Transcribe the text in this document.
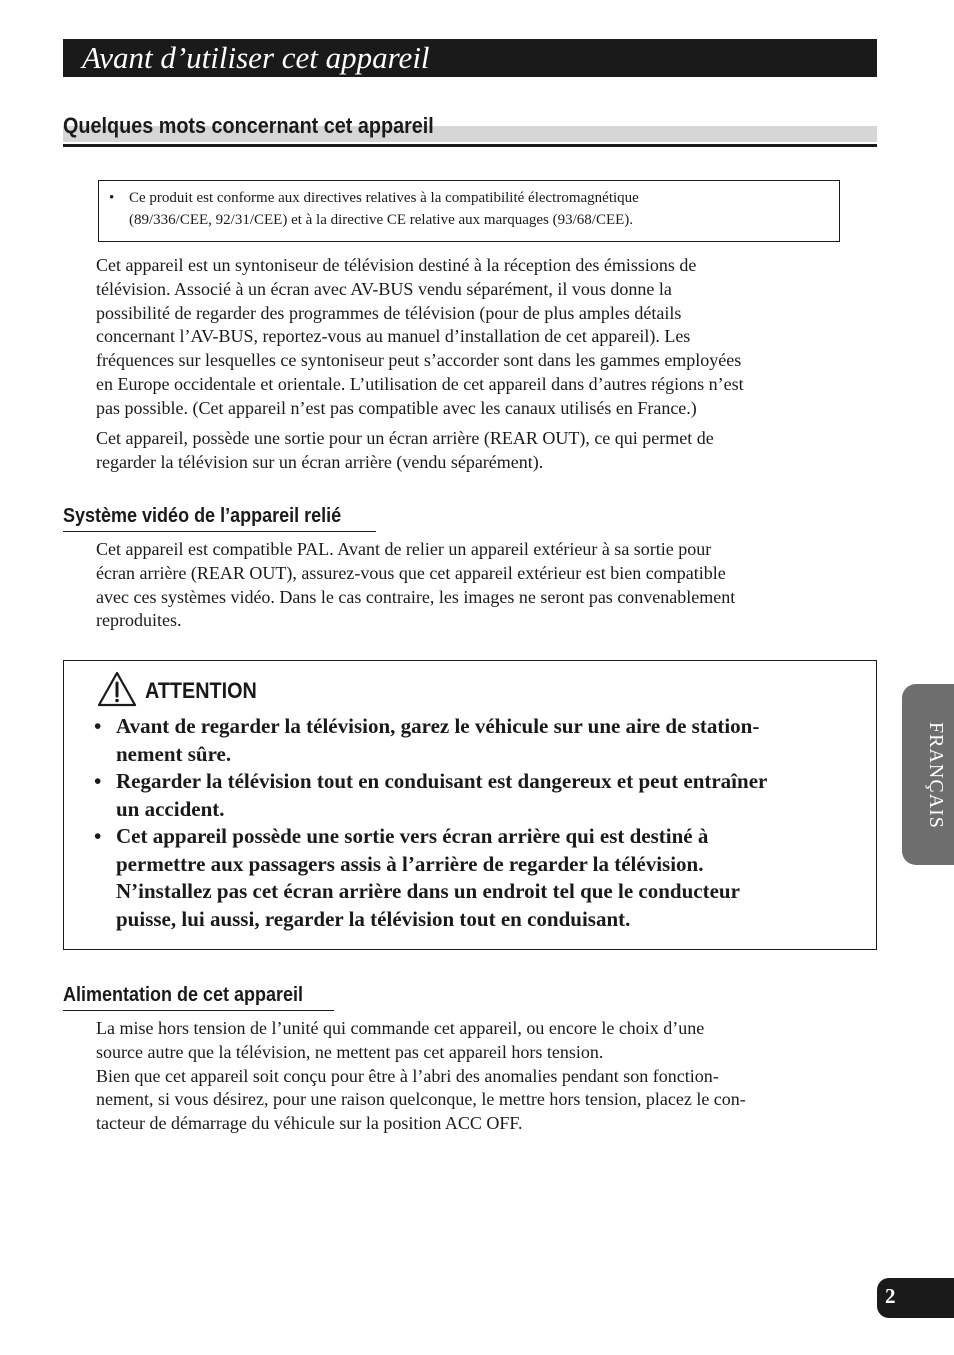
Avant d’utiliser cet appareil
Quelques mots concernant cet appareil
• Ce produit est conforme aux directives relatives à la compatibilité électromagnétique
(89/336/CEE, 92/31/CEE) et à la directive CE relative aux marquages (93/68/CEE).

Cet appareil est un syntoniseur de télévision destiné à la réception des émissions de
télévision. Associé à un écran avec AV-BUS vendu séparément, il vous donne la
possibilité de regarder des programmes de télévision (pour de plus amples détails
concernant l’AV-BUS, reportez-vous au manuel d’installation de cet appareil). Les
fréquences sur lesquelles ce syntoniseur peut s’accorder sont dans les gammes employées
en Europe occidentale et orientale. L’utilisation de cet appareil dans d’autres régions n’est
pas possible. (Cet appareil n’est pas compatible avec les canaux utilisés en France.)

Cet appareil, possède une sortie pour un écran arrière (REAR OUT), ce qui permet de
regarder la télévision sur un écran arrière (vendu séparément).

Système vidéo de l’appareil relié

Cet appareil est compatible PAL. Avant de relier un appareil extérieur à sa sortie pour
écran arrière (REAR OUT), assurez-vous que cet appareil extérieur est bien compatible
avec ces systèmes vidéo. Dans le cas contraire, les images ne seront pas convenablement
reproduites.

ATTENTION
• Avant de regarder la télévision, garez le véhicule sur une aire de station-
nement sûre.
• Regarder la télévision tout en conduisant est dangereux et peut entraîner
un accident.
• Cet appareil possède une sortie vers écran arrière qui est destiné à
permettre aux passagers assis à l’arrière de regarder la télévision.
N’installez pas cet écran arrière dans un endroit tel que le conducteur
puisse, lui aussi, regarder la télévision tout en conduisant.
Alimentation de cet appareil

La mise hors tension de l’unité qui commande cet appareil, ou encore le choix d’une
source autre que la télévision, ne mettent pas cet appareil hors tension.
Bien que cet appareil soit conçu pour être à l’abri des anomalies pendant son fonction-
nement, si vous désirez, pour une raison quelconque, le mettre hors tension, placez le con-
tacteur de démarrage du véhicule sur la position ACC OFF.

FRANÇAIS
2
